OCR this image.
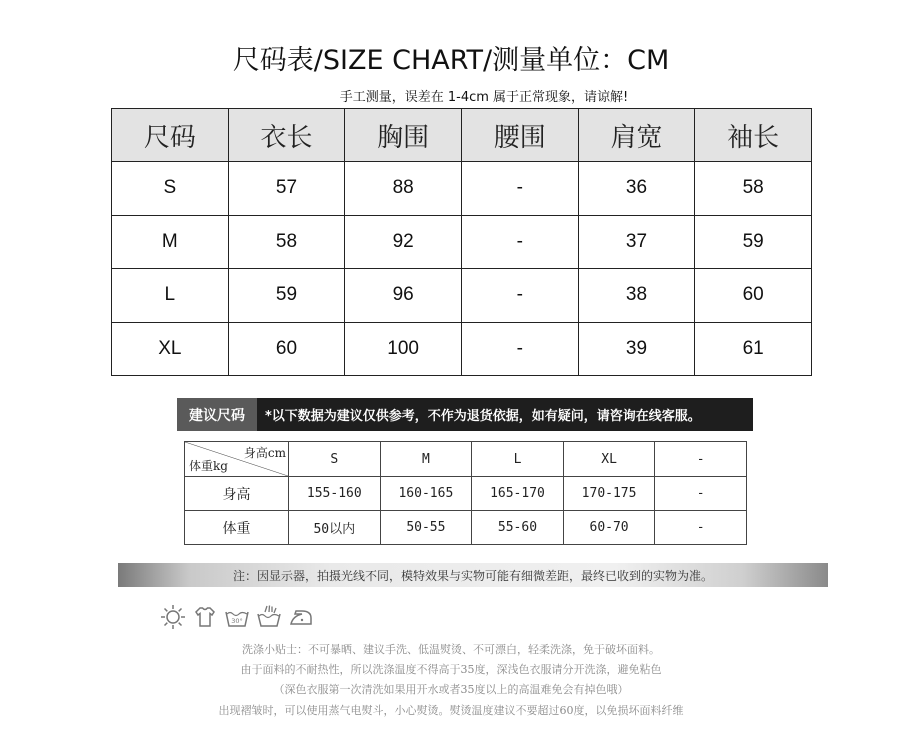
尺码表/SIZE CHART/测量单位：CM
手工测量，误差在 1-4cm 属于正常现象，请谅解!
尺码	衣长	胸围	腰围	肩宽	袖长
S	57	88	-	36	58
M	58	92	-	37	59
L	59	96	-	38	60
XL	60	100	-	39	61
建议尺码	*以下数据为建议仅供参考，不作为退货依据，如有疑问，请咨询在线客服。
身高cm
体重kg	S	M	L	XL	-
身高	155-160	160-165	165-170	170-175	-
体重	50以内	50-55	55-60	60-70	-
注：因显示器，拍摄光线不同，模特效果与实物可能有细微差距，最终已收到的实物为准。
30°
洗涤小贴士：不可暴晒、建议手洗、低温熨烫、不可漂白，轻柔洗涤，免于破坏面料。
由于面料的不耐热性，所以洗涤温度不得高于35度，深浅色衣服请分开洗涤，避免粘色
（深色衣服第一次清洗如果用开水或者35度以上的高温难免会有掉色哦）
出现褶皱时，可以使用蒸气电熨斗，小心熨烫。熨烫温度建议不要超过60度，以免损坏面料纤维
